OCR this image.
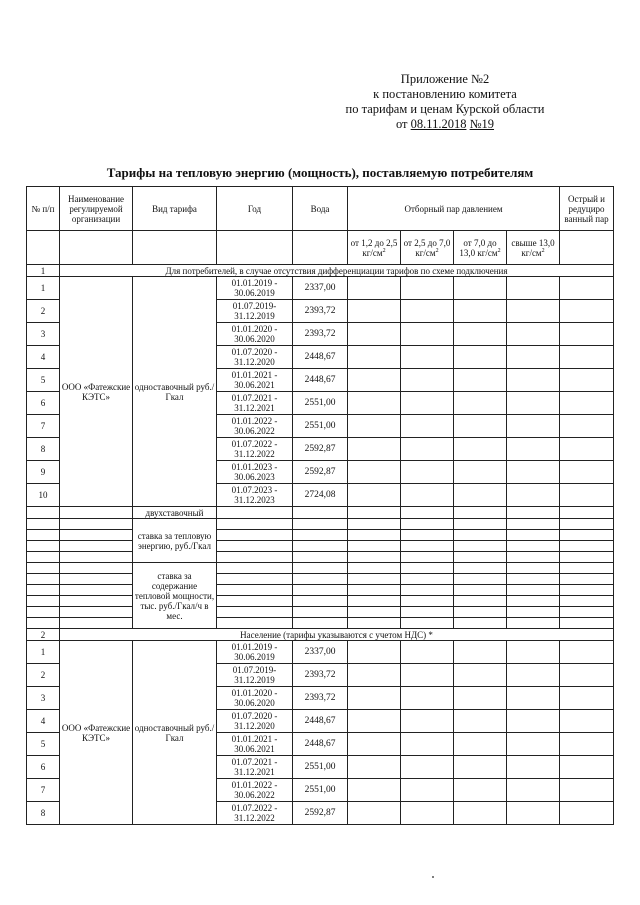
Приложение №2
к постановлению комитета
по тарифам и ценам Курской области
от 08.11.2018 №19
Тарифы на тепловую энергию (мощность), поставляемую потребителям
№ п/п	Наименование регулируемой организации	Вид тарифа	Год	Вода	Отборный пар давлением				Острый и редуциро ванный пар
					от 1,2 до 2,5 $кг/см^2$	от 2,5 до 7,0 $кг/см^2$	от 7,0 до 13,0 $кг/см^2$	свыше 13,0 $кг/см^2$	
1	Для потребителей, в случае отсутствия дифференциации тарифов по схеме подключения								
1	ООО «Фатежские КЭТС»	одноставочный руб./Гкал	01.01.2019 - 30.06.2019	2337,00					
2			01.07.2019- 31.12.2019	2393,72					
3			01.01.2020 - 30.06.2020	2393,72					
4			01.07.2020 - 31.12.2020	2448,67					
5			01.01.2021 - 30.06.2021	2448,67					
6			01.07.2021 - 31.12.2021	2551,00					
7			01.01.2022 - 30.06.2022	2551,00					
8			01.07.2022 - 31.12.2022	2592,87					
9			01.01.2023 - 30.06.2023	2592,87					
10			01.07.2023 - 31.12.2023	2724,08					
		двухставочный							
		ставка за тепловую энергию, руб./Гкал							

		ставка за содержание тепловой мощности, тыс. руб./Гкал/ч в мес.							

2	Население (тарифы указываются с учетом НДС) *								
1	ООО «Фатежские КЭТС»	одноставочный руб./Гкал	01.01.2019 - 30.06.2019	2337,00					
2			01.07.2019- 31.12.2019	2393,72					
3			01.01.2020 - 30.06.2020	2393,72					
4			01.07.2020 - 31.12.2020	2448,67					
5			01.01.2021 - 30.06.2021	2448,67					
6			01.07.2021 - 31.12.2021	2551,00					
7			01.01.2022 - 30.06.2022	2551,00					
8			01.07.2022 - 31.12.2022	2592,87					
